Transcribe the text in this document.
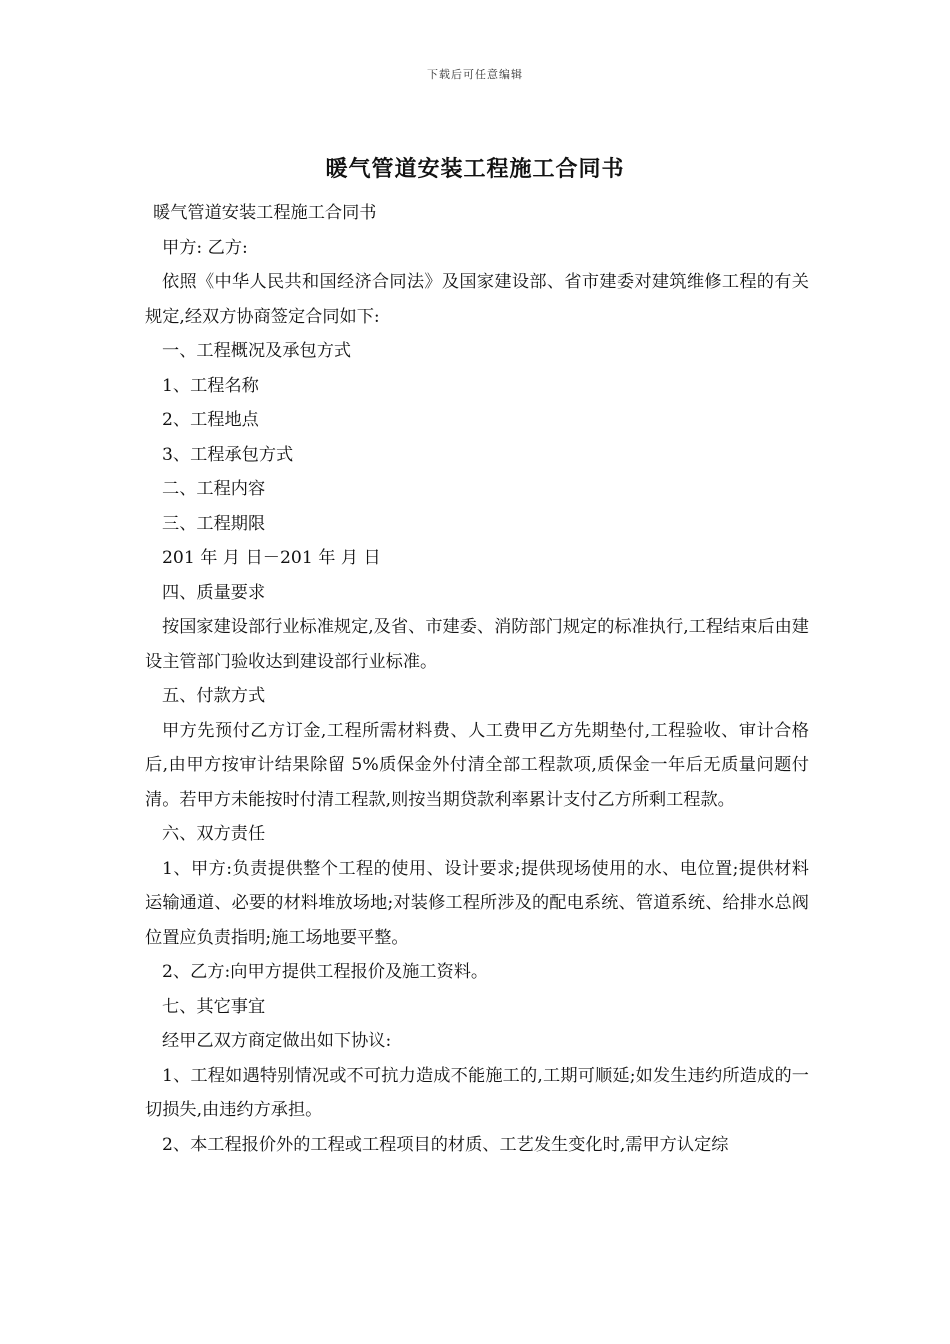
下载后可任意编辑
暖气管道安装工程施工合同书

暖气管道安装工程施工合同书

甲方: 乙方:

依照《中华人民共和国经济合同法》及国家建设部、省市建委对建筑维修工程的有关规定,经双方协商签定合同如下:

一、工程概况及承包方式

1、工程名称

2、工程地点

3、工程承包方式

二、工程内容

三、工程期限

201 年 月 日－201 年 月 日

四、质量要求

按国家建设部行业标准规定,及省、市建委、消防部门规定的标准执行,工程结束后由建设主管部门验收达到建设部行业标准。

五、付款方式

甲方先预付乙方订金,工程所需材料费、人工费甲乙方先期垫付,工程验收、审计合格后,由甲方按审计结果除留 5%质保金外付清全部工程款项,质保金一年后无质量问题付清。若甲方未能按时付清工程款,则按当期贷款利率累计支付乙方所剩工程款。

六、双方责任

1、甲方:负责提供整个工程的使用、设计要求;提供现场使用的水、电位置;提供材料运输通道、必要的材料堆放场地;对装修工程所涉及的配电系统、管道系统、给排水总阀位置应负责指明;施工场地要平整。

2、乙方:向甲方提供工程报价及施工资料。

七、其它事宜

经甲乙双方商定做出如下协议:

1、工程如遇特别情况或不可抗力造成不能施工的,工期可顺延;如发生违约所造成的一切损失,由违约方承担。

2、本工程报价外的工程或工程项目的材质、工艺发生变化时,需甲方认定综
